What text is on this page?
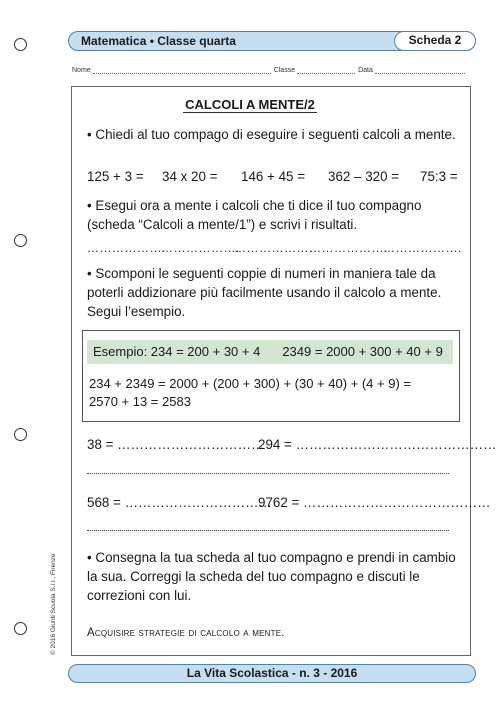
Matematica • Classe quarta	Scheda 2
Nome	Classe	Data
CALCOLI A MENTE/2
• Chiedi al tuo compago di eseguire i seguenti calcoli a mente.
125 + 3 = 34 x 20 = 146 + 45 = 362 – 320 = 75:3 =
• Esegui ora a mente i calcoli che ti dice il tuo compagno (scheda “Calcoli a mente/1”) e scrivi i risultati.
……………….
……………….
……………….
……………….
……………….
• Scomponi le seguenti coppie di numeri in maniera tale da poterli addizionare più facilmente usando il calcolo a mente. Segui l’esempio.
Esempio: 234 = 200 + 30 + 4 2349 = 2000 + 300 + 40 + 9
234 + 2349 = 2000 + (200 + 300) + (30 + 40) + (4 + 9) =
2570 + 13 = 2583
38 = ……………………………
294 = ………………………………………
568 = ……………………………
9762 = ……………………………………
• Consegna la tua scheda al tuo compagno e prendi in cambio la sua. Correggi la scheda del tuo compagno e discuti le correzioni con lui.
Acquisire strategie di calcolo a mente.
© 2016 Giunti Scuola S.r.l., Firenze
La Vita Scolastica - n. 3 - 2016
